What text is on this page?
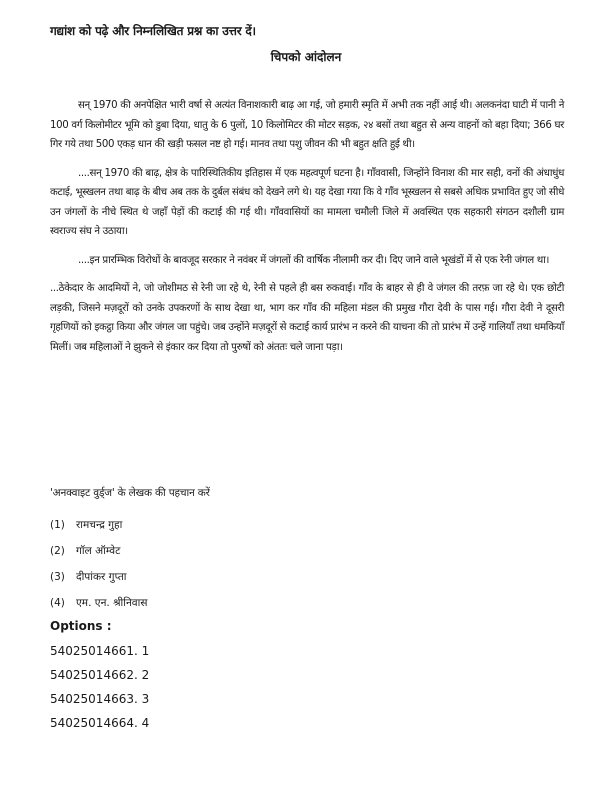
गद्यांश को पढ़े और निम्नलिखित प्रश्न का उत्तर दें।
चिपको आंदोलन

सन् 1970 की अनपेक्षित भारी वर्षा से अत्यंत विनाशकारी बाढ़ आ गई, जो हमारी स्मृति में अभी तक नहीं आई थी। अलकनंदा घाटी में पानी ने 100 वर्ग किलोमीटर भूमि को डुबा दिया, धातु के 6 पुलों, 10 किलोमिटर की मोटर सड़क, २४ बसों तथा बहुत से अन्य वाहनों को बहा दिया; 366 घर गिर गये तथा 500 एकड़ धान की खड़ी फसल नष्ट हो गई। मानव तथा पशु जीवन की भी बहुत क्षति हुई थी।

....सन् 1970 की बाढ़, क्षेत्र के पारिस्थितिकीय इतिहास में एक महत्वपूर्ण घटना है। गाँववासी, जिन्होंने विनाश की मार सही, वनों की अंधाधुंध कटाई, भूस्खलन तथा बाढ़ के बीच अब तक के दुर्बल संबंध को देखने लगे थे। यह देखा गया कि वे गाँव भूस्खलन से सबसे अधिक प्रभावित हुए जो सीधे उन जंगलों के नीचे स्थित थे जहाँ पेड़ों की कटाई की गई थी। गाँववासियों का मामला चमौली जिले में अवस्थित एक सहकारी संगठन दशौली ग्राम स्वराज्य संघ ने उठाया।

....इन प्रारम्भिक विरोधों के बावजूद सरकार ने नवंबर में जंगलों की वार्षिक नीलामी कर दी। दिए जाने वाले भूखंडों में से एक रेनी जंगल था।

...ठेकेदार के आदमियों ने, जो जोशीमठ से रेनी जा रहे थे, रेनी से पहले ही बस रुकवाई। गाँव के बाहर से ही वे जंगल की तरफ़ जा रहे थे। एक छोटी लड़की, जिसने मज़दूरों को उनके उपकरणों के साथ देखा था, भाग कर गाँव की महिला मंडल की प्रमुख गौरा देवी के पास गई। गौरा देवी ने दूसरी गृहणियों को इकट्ठा किया और जंगल जा पहुंचे। जब उन्होंने मज़दूरों से कटाई कार्य प्रारंभ न करने की याचना की तो प्रारंभ में उन्हें गालियाँ तथा धमकियाँ मिलीं। जब महिलाओं ने झुकने से इंकार कर दिया तो पुरुषों को अंततः चले जाना पड़ा।

'अनक्वाइट वुर्ड्ज' के लेखक की पहचान करें
(1)	रामचन्द्र गुहा
(2)	गॉल ऑम्वेट
(3)	दीपांकर गुप्ता
(4)	एम. एन. श्रीनिवास
Options :
54025014661. 1
54025014662. 2
54025014663. 3
54025014664. 4
